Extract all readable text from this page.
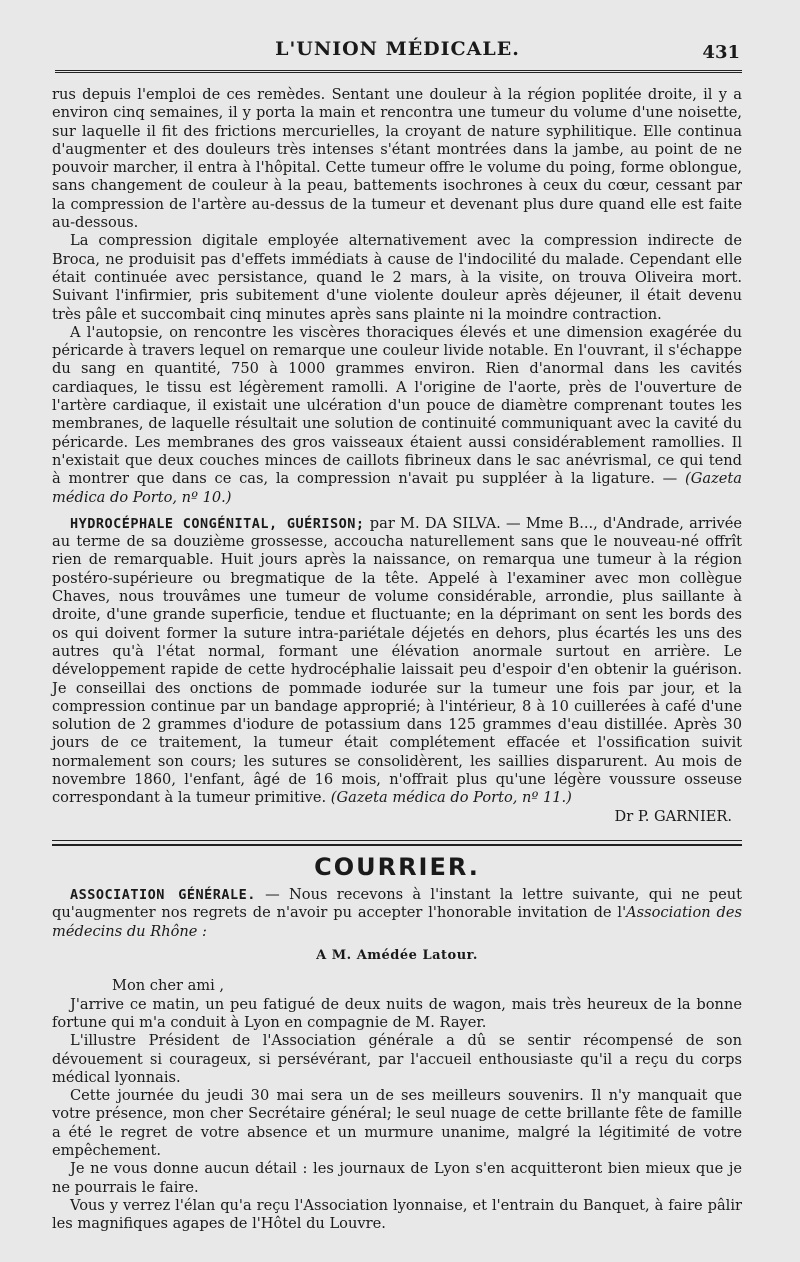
L'UNION MÉDICALE.	431

rus depuis l'emploi de ces remèdes. Sentant une douleur à la région poplitée droite, il y a environ cinq semaines, il y porta la main et rencontra une tumeur du volume d'une noisette, sur laquelle il fit des frictions mercurielles, la croyant de nature syphilitique. Elle continua d'augmenter et des douleurs très intenses s'étant montrées dans la jambe, au point de ne pouvoir marcher, il entra à l'hôpital. Cette tumeur offre le volume du poing, forme oblongue, sans changement de couleur à la peau, battements isochrones à ceux du cœur, cessant par la compression de l'artère au-dessus de la tumeur et devenant plus dure quand elle est faite au-dessous.

La compression digitale employée alternativement avec la compression indirecte de Broca, ne produisit pas d'effets immédiats à cause de l'indocilité du malade. Cependant elle était continuée avec persistance, quand le 2 mars, à la visite, on trouva Oliveira mort. Suivant l'infirmier, pris subitement d'une violente douleur après déjeuner, il était devenu très pâle et succombait cinq minutes après sans plainte ni la moindre contraction.

A l'autopsie, on rencontre les viscères thoraciques élevés et une dimension exagérée du péricarde à travers lequel on remarque une couleur livide notable. En l'ouvrant, il s'échappe du sang en quantité, 750 à 1000 grammes environ. Rien d'anormal dans les cavités cardiaques, le tissu est légèrement ramolli. A l'origine de l'aorte, près de l'ouverture de l'artère cardiaque, il existait une ulcération d'un pouce de diamètre comprenant toutes les membranes, de laquelle résultait une solution de continuité communiquant avec la cavité du péricarde. Les membranes des gros vaisseaux étaient aussi considérablement ramollies. Il n'existait que deux couches minces de caillots fibrineux dans le sac anévrismal, ce qui tend à montrer que dans ce cas, la compression n'avait pu suppléer à la ligature. — (Gazeta médica do Porto, nº 10.)

HYDROCÉPHALE CONGÉNITAL, GUÉRISON; par M. DA SILVA. — Mme B..., d'Andrade, arrivée au terme de sa douzième grossesse, accoucha naturellement sans que le nouveau-né offrît rien de remarquable. Huit jours après la naissance, on remarqua une tumeur à la région postéro-supérieure ou bregmatique de la tête. Appelé à l'examiner avec mon collègue Chaves, nous trouvâmes une tumeur de volume considérable, arrondie, plus saillante à droite, d'une grande superficie, tendue et fluctuante; en la déprimant on sent les bords des os qui doivent former la suture intra-pariétale déjetés en dehors, plus écartés les uns des autres qu'à l'état normal, formant une élévation anormale surtout en arrière. Le développement rapide de cette hydrocéphalie laissait peu d'espoir d'en obtenir la guérison. Je conseillai des onctions de pommade iodurée sur la tumeur une fois par jour, et la compression continue par un bandage approprié; à l'intérieur, 8 à 10 cuillerées à café d'une solution de 2 grammes d'iodure de potassium dans 125 grammes d'eau distillée. Après 30 jours de ce traitement, la tumeur était complétement effacée et l'ossification suivit normalement son cours; les sutures se consolidèrent, les saillies disparurent. Au mois de novembre 1860, l'enfant, âgé de 16 mois, n'offrait plus qu'une légère voussure osseuse correspondant à la tumeur primitive. (Gazeta médica do Porto, nº 11.)

Dr P. GARNIER.

COURRIER.

ASSOCIATION GÉNÉRALE. — Nous recevons à l'instant la lettre suivante, qui ne peut qu'augmenter nos regrets de n'avoir pu accepter l'honorable invitation de l'Association des médecins du Rhône :

A M. Amédée Latour.

Mon cher ami ,

J'arrive ce matin, un peu fatigué de deux nuits de wagon, mais très heureux de la bonne fortune qui m'a conduit à Lyon en compagnie de M. Rayer.

L'illustre Président de l'Association générale a dû se sentir récompensé de son dévouement si courageux, si persévérant, par l'accueil enthousiaste qu'il a reçu du corps médical lyonnais.

Cette journée du jeudi 30 mai sera un de ses meilleurs souvenirs. Il n'y manquait que votre présence, mon cher Secrétaire général; le seul nuage de cette brillante fête de famille a été le regret de votre absence et un murmure unanime, malgré la légitimité de votre empêchement.

Je ne vous donne aucun détail : les journaux de Lyon s'en acquitteront bien mieux que je ne pourrais le faire.

Vous y verrez l'élan qu'a reçu l'Association lyonnaise, et l'entrain du Banquet, à faire pâlir les magnifiques agapes de l'Hôtel du Louvre.
